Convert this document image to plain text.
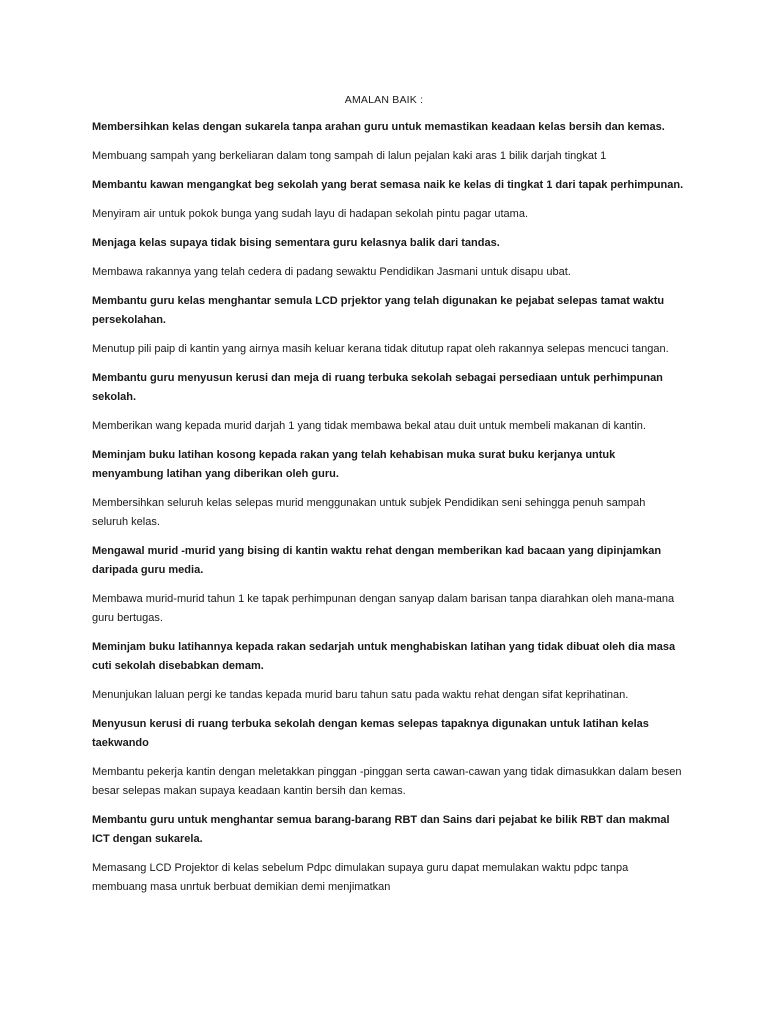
AMALAN BAIK :

Membersihkan kelas dengan sukarela tanpa arahan guru untuk memastikan keadaan kelas bersih dan kemas.

Membuang sampah yang berkeliaran dalam tong sampah di lalun pejalan kaki aras 1 bilik darjah tingkat 1

Membantu kawan mengangkat beg sekolah yang berat semasa naik ke kelas di tingkat 1 dari tapak perhimpunan.

Menyiram air untuk pokok bunga yang sudah layu di hadapan sekolah pintu pagar utama.

Menjaga kelas supaya tidak bising sementara guru kelasnya balik dari tandas.

Membawa rakannya yang telah cedera di padang sewaktu Pendidikan Jasmani untuk disapu ubat.

Membantu guru kelas menghantar semula LCD prjektor yang telah digunakan ke pejabat selepas tamat waktu persekolahan.

Menutup pili paip di kantin yang airnya masih keluar kerana tidak ditutup rapat oleh rakannya selepas mencuci tangan.

Membantu guru menyusun kerusi dan meja di ruang terbuka sekolah sebagai persediaan untuk perhimpunan sekolah.

Memberikan wang kepada murid darjah 1 yang tidak membawa bekal atau duit untuk membeli makanan di kantin.

Meminjam buku latihan kosong kepada rakan yang telah kehabisan muka surat buku kerjanya untuk menyambung latihan yang diberikan oleh guru.

Membersihkan seluruh kelas selepas murid menggunakan untuk subjek Pendidikan seni sehingga penuh sampah seluruh kelas.

Mengawal murid -murid yang bising di kantin waktu rehat dengan memberikan kad bacaan yang dipinjamkan daripada guru media.

Membawa murid-murid tahun 1 ke tapak perhimpunan dengan sanyap dalam barisan tanpa diarahkan oleh mana-mana guru bertugas.

Meminjam buku latihannya kepada rakan sedarjah untuk menghabiskan latihan yang tidak dibuat oleh dia masa cuti sekolah disebabkan demam.

Menunjukan laluan pergi ke tandas kepada murid baru tahun satu pada waktu rehat dengan sifat keprihatinan.

Menyusun kerusi di ruang terbuka sekolah dengan kemas selepas tapaknya digunakan untuk latihan kelas taekwando

Membantu pekerja kantin dengan meletakkan pinggan -pinggan serta cawan-cawan yang tidak dimasukkan dalam besen besar selepas makan supaya keadaan kantin bersih dan kemas.

Membantu guru untuk menghantar semua barang-barang RBT dan Sains dari pejabat ke bilik RBT dan makmal ICT dengan sukarela.

Memasang LCD Projektor di kelas sebelum Pdpc dimulakan supaya guru dapat memulakan waktu pdpc tanpa membuang masa unrtuk berbuat demikian demi menjimatkan
